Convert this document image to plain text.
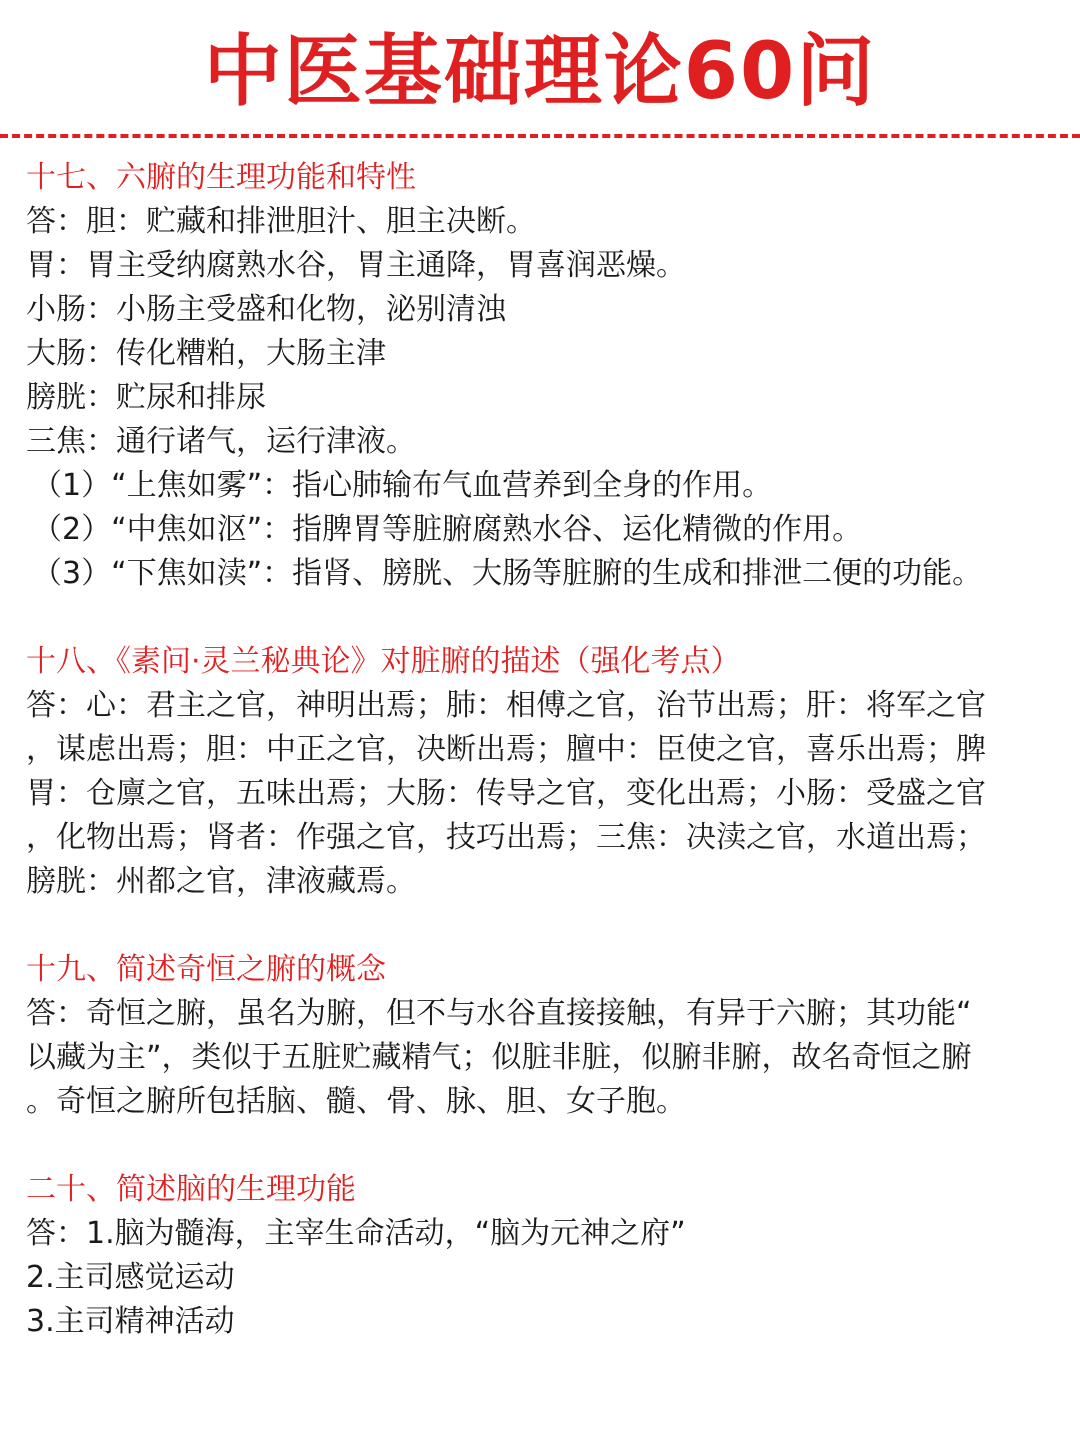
中医基础理论60问
十七、六腑的生理功能和特性
答：胆：贮藏和排泄胆汁、胆主决断。
胃：胃主受纳腐熟水谷，胃主通降，胃喜润恶燥。
小肠：小肠主受盛和化物，泌别清浊
大肠：传化糟粕，大肠主津
膀胱：贮尿和排尿
三焦：通行诸气，运行津液。
（1）“上焦如雾”：指心肺输布气血营养到全身的作用。
（2）“中焦如沤”：指脾胃等脏腑腐熟水谷、运化精微的作用。
（3）“下焦如渎”：指肾、膀胱、大肠等脏腑的生成和排泄二便的功能。
十八、《素问·灵兰秘典论》对脏腑的描述（强化考点）
答：心：君主之官，神明出焉；肺：相傅之官，治节出焉；肝：将军之官
，谋虑出焉；胆：中正之官，决断出焉；膻中：臣使之官，喜乐出焉；脾
胃：仓廪之官，五味出焉；大肠：传导之官，变化出焉；小肠：受盛之官
，化物出焉；肾者：作强之官，技巧出焉；三焦：决渎之官，水道出焉；
膀胱：州都之官，津液藏焉。
十九、简述奇恒之腑的概念
答：奇恒之腑，虽名为腑，但不与水谷直接接触，有异于六腑；其功能“
以藏为主”，类似于五脏贮藏精气；似脏非脏，似腑非腑，故名奇恒之腑
。奇恒之腑所包括脑、髓、骨、脉、胆、女子胞。
二十、简述脑的生理功能
答：1.脑为髓海，主宰生命活动，“脑为元神之府”
2.主司感觉运动
3.主司精神活动
